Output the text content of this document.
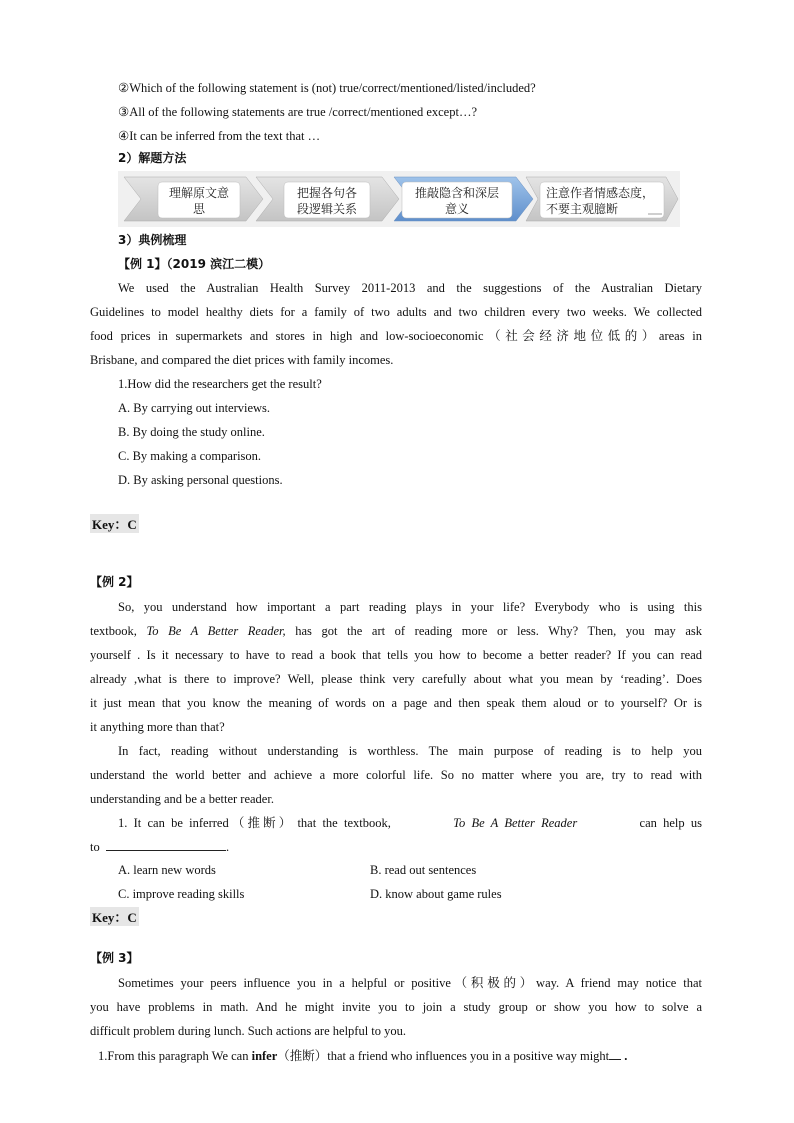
②Which of the following statement is (not) true/correct/mentioned/listed/included?
③All of the following statements are true /correct/mentioned except…?
④It can be inferred from the text that …
2）解题方法
理解原文意
思
把握各句各
段逻辑关系
推敲隐含和深层
意义
注意作者情感态度，
不要主观臆断
3）典例梳理
【例 1】（2019 滨江二模）
We used the Australian Health Survey 2011-2013 and the suggestions of the Australian Dietary
Guidelines to model healthy diets for a family of two adults and two children every two weeks. We collected
food prices in supermarkets and stores in high and low-socioeconomic（社会经济地位低的）areas in
Brisbane, and compared the diet prices with family incomes.
1.How did the researchers get the result?
A. By carrying out interviews.
B. By doing the study online.
C. By making a comparison.
D. By asking personal questions.
Key：C
【例 2】
So, you understand how important a part reading plays in your life? Everybody who is using this
textbook, To Be A Better Reader, has got the art of reading more or less. Why? Then, you may ask
yourself . Is it necessary to have to read a book that tells you how to become a better reader? If you can read
already ,what is there to improve? Well, please think very carefully about what you mean by ‘reading’. Does
it just mean that you know the meaning of words on a page and then speak them aloud or to yourself? Or is
it anything more than that?
In fact, reading without understanding is worthless. The main purpose of reading is to help you
understand the world better and achieve a more colorful life. So no matter where you are, try to read with
understanding and be a better reader.
1.  It  can  be  inferred （ 推 断 ）  that  the  textbook,	To  Be  A  Better  Reader	can  help  us
to	.
A. learn new words	B. read out sentences
C. improve reading skills	D. know about game rules
Key：C
【例 3】
Sometimes your peers influence you in a helpful or positive（积极的）way. A friend may notice that
you have problems in math. And he might invite you to join a study group or show you how to solve a
difficult problem during lunch. Such actions are helpful to you.
1.From this paragraph We can infer（推断）that a friend who influences you in a positive way might .
